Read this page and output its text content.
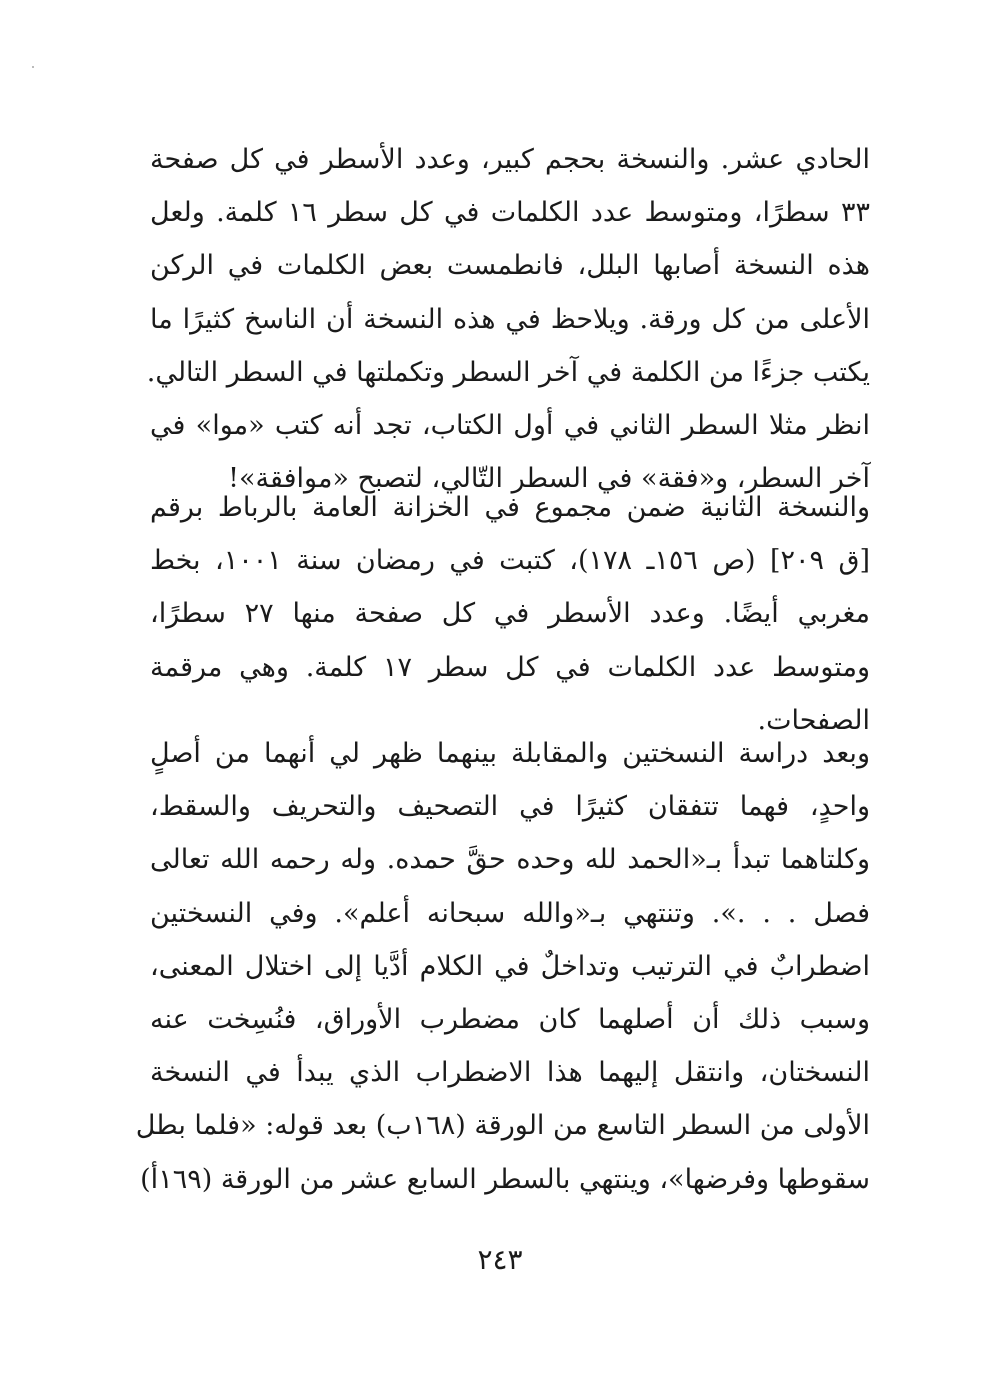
الحادي عشر. والنسخة بحجم كبير، وعدد الأسطر في كل صفحة
٣٣ سطرًا، ومتوسط عدد الكلمات في كل سطر ١٦ كلمة. ولعل
هذه النسخة أصابها البلل، فانطمست بعض الكلمات في الركن
الأعلى من كل ورقة. ويلاحظ في هذه النسخة أن الناسخ كثيرًا ما
يكتب جزءًا من الكلمة في آخر السطر وتكملتها في السطر التالي.
انظر مثلا السطر الثاني في أول الكتاب، تجد أنه كتب «موا» في
آخر السطر، و«فقة» في السطر التّالي، لتصبح «موافقة»!
والنسخة الثانية ضمن مجموع في الخزانة العامة بالرباط برقم
[ق ٢٠٩] (ص ١٥٦ـ ١٧٨)، كتبت في رمضان سنة ١٠٠١، بخط
مغربي أيضًا. وعدد الأسطر في كل صفحة منها ٢٧ سطرًا،
ومتوسط عدد الكلمات في كل سطر ١٧ كلمة. وهي مرقمة
الصفحات.
وبعد دراسة النسختين والمقابلة بينهما ظهر لي أنهما من أصلٍ
واحدٍ، فهما تتفقان كثيرًا في التصحيف والتحريف والسقط،
وكلتاهما تبدأ بـ«الحمد لله وحده حقَّ حمده. وله رحمه الله تعالى
فصل . . .». وتنتهي بـ«والله سبحانه أعلم». وفي النسختين
اضطرابٌ في الترتيب وتداخلٌ في الكلام أدَّيا إلى اختلال المعنى،
وسبب ذلك أن أصلهما كان مضطرب الأوراق، فنُسِخت عنه
النسختان، وانتقل إليهما هذا الاضطراب الذي يبدأ في النسخة
الأولى من السطر التاسع من الورقة (١٦٨ب) بعد قوله: «فلما بطل
سقوطها وفرضها»، وينتهي بالسطر السابع عشر من الورقة (١٦٩أ)
٢٤٣
